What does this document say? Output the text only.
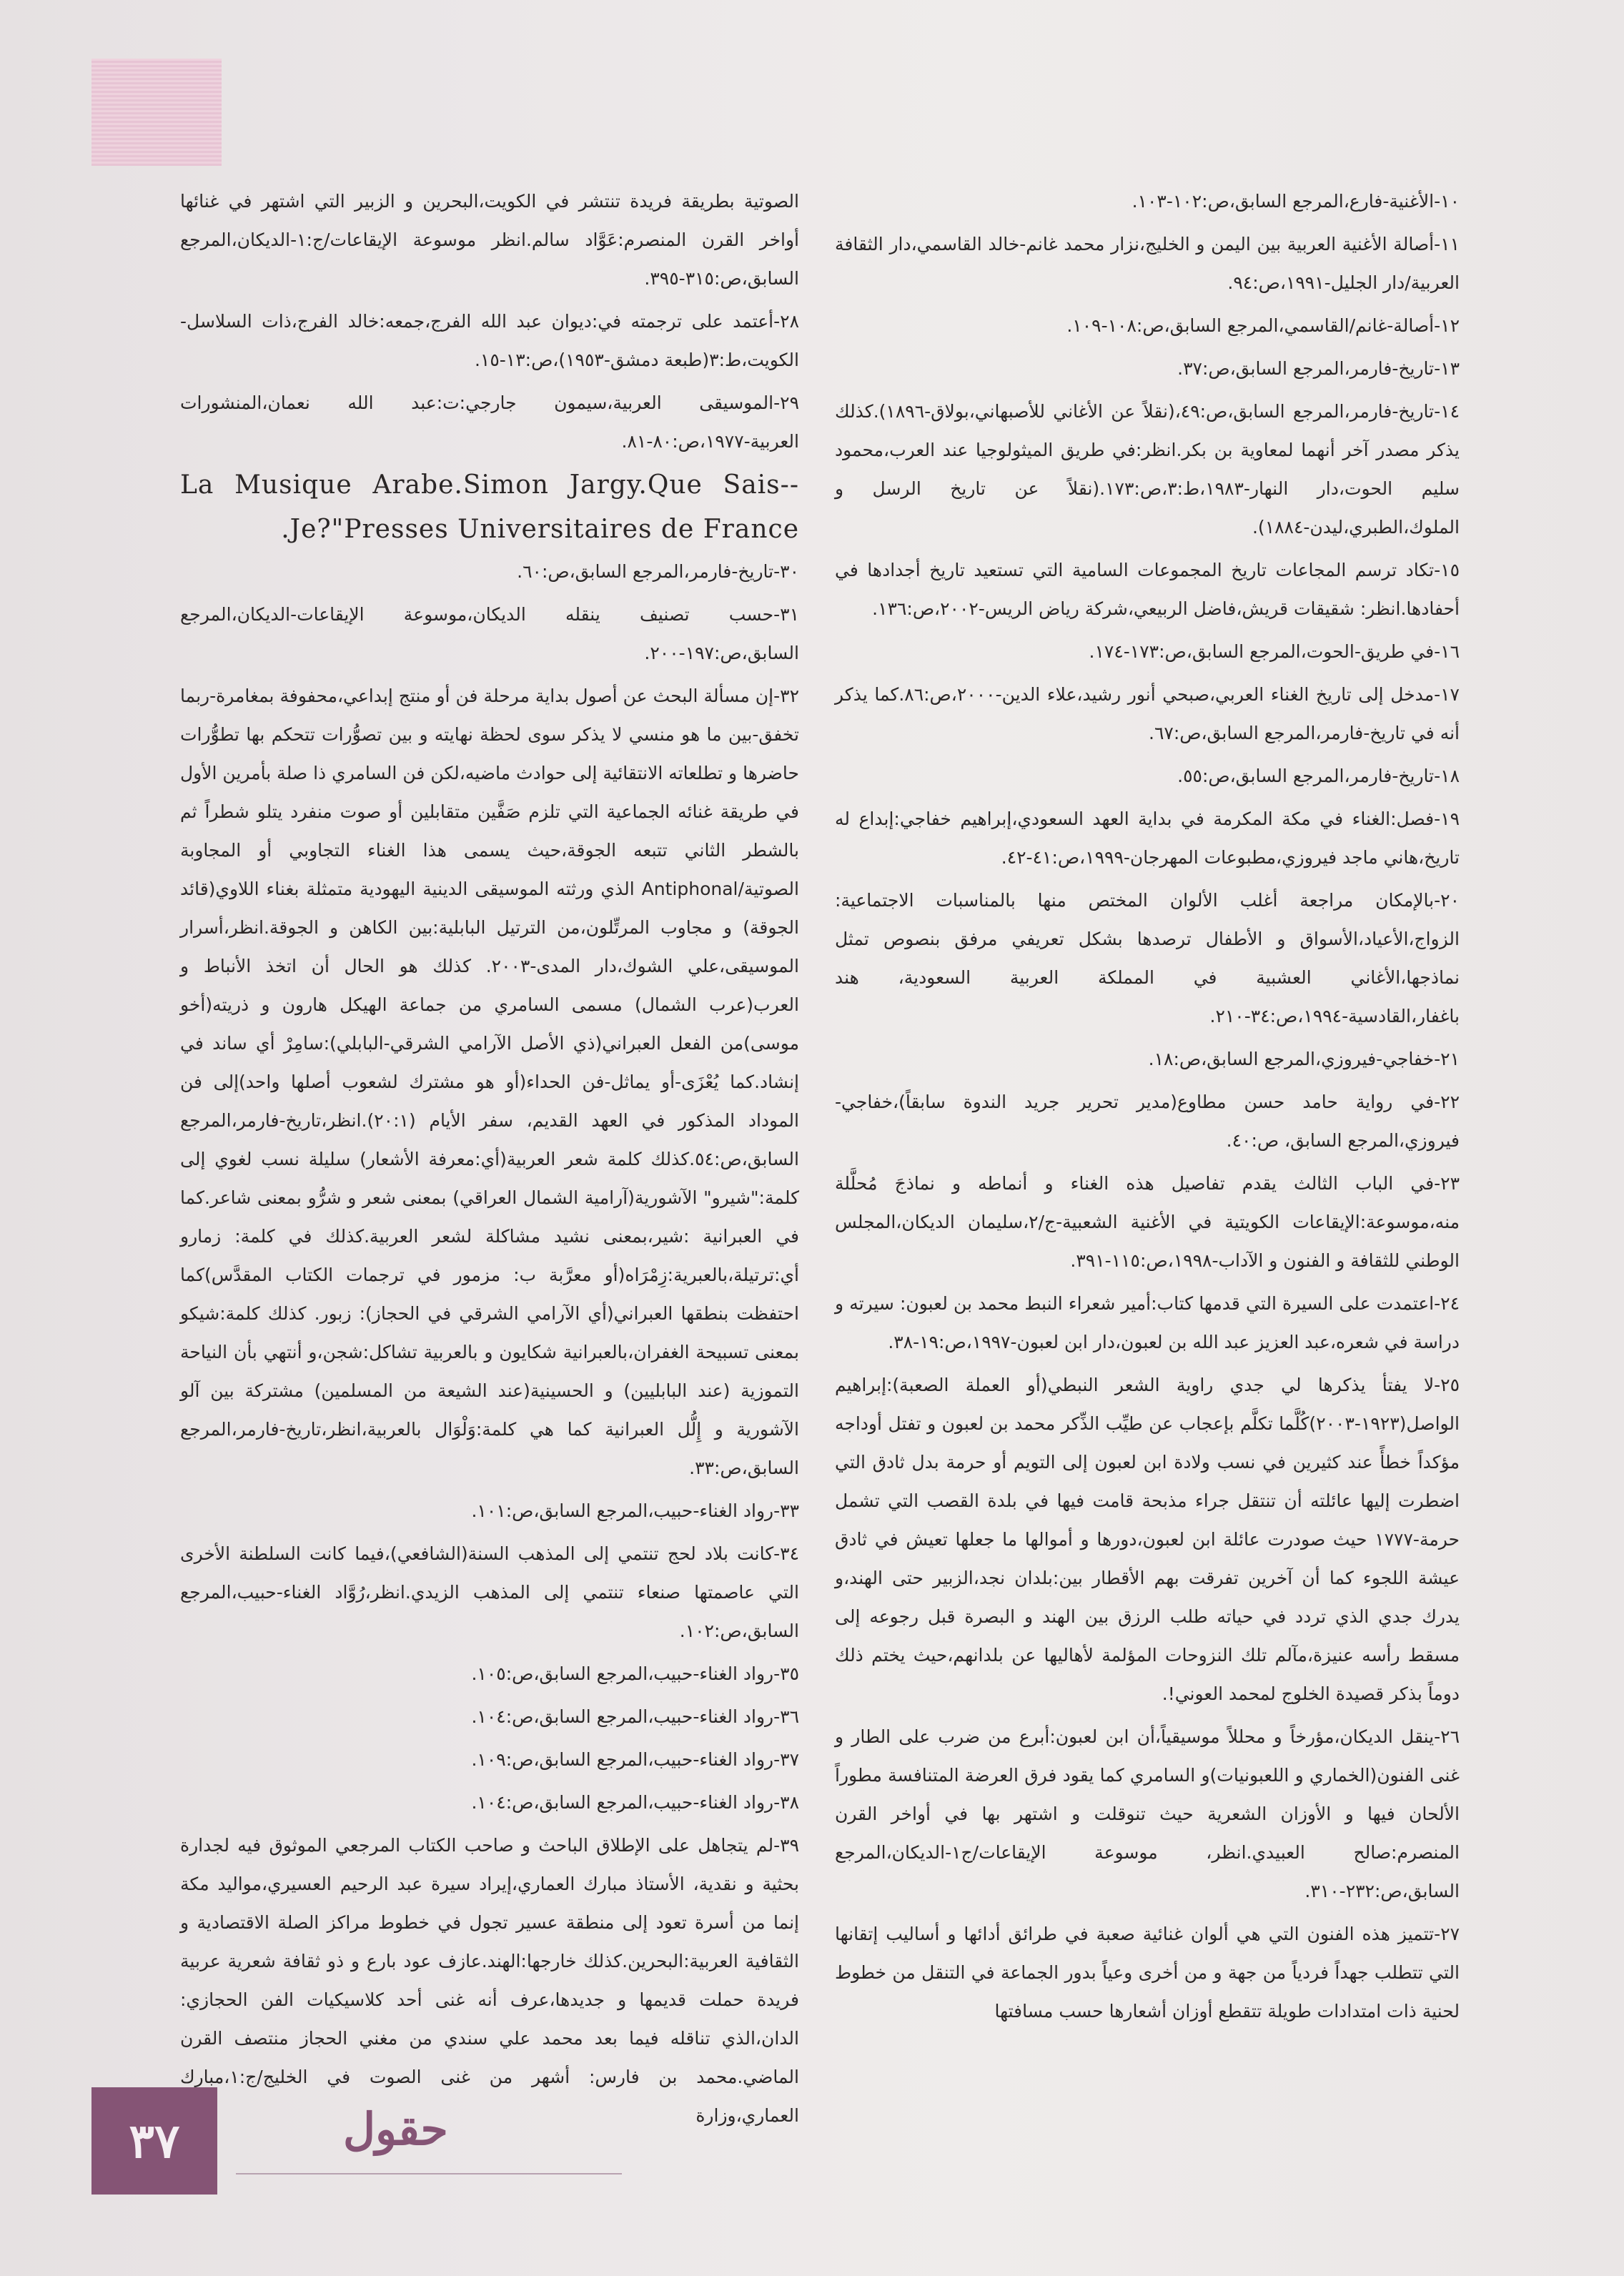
١٠-الأغنية-فارع،المرجع السابق،ص:١٠٢-١٠٣.

١١-أصالة الأغنية العربية بين اليمن و الخليج،نزار محمد غانم-خالد القاسمي،دار الثقافة العربية/دار الجليل-١٩٩١،ص:٩٤.

١٢-أصالة-غانم/القاسمي،المرجع السابق،ص:١٠٨-١٠٩.

١٣-تاريخ-فارمر،المرجع السابق،ص:٣٧.

١٤-تاريخ-فارمر،المرجع السابق،ص:٤٩،(نقلاً عن الأغاني للأصبهاني،بولاق-١٨٩٦).كذلك يذكر مصدر آخر أنهما لمعاوية بن بكر.انظر:في طريق الميثولوجيا عند العرب،محمود سليم الحوت،دار النهار-١٩٨٣،ط:٣،ص:١٧٣.(نقلاً عن تاريخ الرسل و الملوك،الطبري،ليدن-١٨٨٤).

١٥-تكاد ترسم المجاعات تاريخ المجموعات السامية التي تستعيد تاريخ أجدادها في أحفادها.انظر: شقيقات قريش،فاضل الربيعي،شركة رياض الريس-٢٠٠٢،ص:١٣٦.

١٦-في طريق-الحوت،المرجع السابق،ص:١٧٣-١٧٤.

١٧-مدخل إلى تاريخ الغناء العربي،صبحي أنور رشيد،علاء الدين-٢٠٠٠،ص:٨٦.كما يذكر أنه في تاريخ-فارمر،المرجع السابق،ص:٦٧.

١٨-تاريخ-فارمر،المرجع السابق،ص:٥٥.

١٩-فصل:الغناء في مكة المكرمة في بداية العهد السعودي،إبراهيم خفاجي:إبداع له تاريخ،هاني ماجد فيروزي،مطبوعات المهرجان-١٩٩٩،ص:٤١-٤٢.

٢٠-بالإمكان مراجعة أغلب الألوان المختص منها بالمناسبات الاجتماعية: الزواج،الأعياد،الأسواق و الأطفال ترصدها بشكل تعريفي مرفق بنصوص تمثل نماذجها،الأغاني العشبية في المملكة العربية السعودية، هند باغفار،القادسية-١٩٩٤،ص:٣٤-٢١٠.

٢١-خفاجي-فيروزي،المرجع السابق،ص:١٨.

٢٢-في رواية حامد حسن مطاوع(مدير تحرير جريد الندوة سابقاً)،خفاجي-فيروزي،المرجع السابق، ص:٤٠.

٢٣-في الباب الثالث يقدم تفاصيل هذه الغناء و أنماطه و نماذجَ مُحلَّلة منه،موسوعة:الإيقاعات الكويتية في الأغنية الشعبية-ج/٢،سليمان الديكان،المجلس الوطني للثقافة و الفنون و الآداب-١٩٩٨،ص:١١٥-٣٩١.

٢٤-اعتمدت على السيرة التي قدمها كتاب:أمير شعراء النبط محمد بن لعبون: سيرته و دراسة في شعره،عبد العزيز عبد الله بن لعبون،دار ابن لعبون-١٩٩٧،ص:١٩-٣٨.

٢٥-لا يفتأ يذكرها لي جدي راوية الشعر النبطي(أو العملة الصعبة):إبراهيم الواصل(١٩٢٣-٢٠٠٣)كُلَّما تكلَّم بإعجاب عن طيِّب الذِّكر محمد بن لعبون و تفتل أوداجه مؤكداً خطأً عند كثيرين في نسب ولادة ابن لعبون إلى التويم أو حرمة بدل ثادق التي اضطرت إليها عائلته أن تنتقل جراء مذبحة قامت فيها في بلدة القصب التي تشمل حرمة-١٧٧٧ حيث صودرت عائلة ابن لعبون،دورها و أموالها ما جعلها تعيش في ثادق عيشة اللجوء كما أن آخرين تفرقت بهم الأقطار بين:بلدان نجد،الزبير حتى الهند،و يدرك جدي الذي تردد في حياته طلب الرزق بين الهند و البصرة قبل رجوعه إلى مسقط رأسه عنيزة،مآلم تلك النزوحات المؤلمة لأهاليها عن بلدانهم،حيث يختم ذلك دوماً بذكر قصيدة الخلوج لمحمد العوني!.

٢٦-ينقل الديكان،مؤرخاً و محللاً موسيقياً،أن ابن لعبون:أبرع من ضرب على الطار و غنى الفنون(الخماري و اللعبونيات)و السامري كما يقود فرق العرضة المتنافسة مطوراً الألحان فيها و الأوزان الشعرية حيث تنوقلت و اشتهر بها في أواخر القرن المنصرم:صالح العبيدي.انظر، موسوعة الإيقاعات/ج١-الديكان،المرجع السابق،ص:٢٣٢-٣١٠.

٢٧-تتميز هذه الفنون التي هي ألوان غنائية صعبة في طرائق أدائها و أساليب إتقانها التي تتطلب جهداً فردياً من جهة و من أخرى وعياً بدور الجماعة في التنقل من خطوط لحنية ذات امتدادات طويلة تتقطع أوزان أشعارها حسب مسافتها

الصوتية بطريقة فريدة تنتشر في الكويت،البحرين و الزبير التي اشتهر في غنائها أواخر القرن المنصرم:عَوَّاد سالم.انظر موسوعة الإيقاعات/ج:١-الديكان،المرجع السابق،ص:٣١٥-٣٩٥.

٢٨-أعتمد على ترجمته في:ديوان عبد الله الفرج،جمعه:خالد الفرج،ذات السلاسل-الكويت،ط:٣(طبعة دمشق-١٩٥٣)،ص:١٣-١٥.

٢٩-الموسيقى العربية،سيمون جارجي:ت:عبد الله نعمان،المنشورات العربية-١٩٧٧،ص:٨٠-٨١.

La Musique Arabe.Simon Jargy.Que Sais--

.Je?"Presses Universitaires de France

٣٠-تاريخ-فارمر،المرجع السابق،ص:٦٠.

٣١-حسب تصنيف ينقله الديكان،موسوعة الإيقاعات-الديكان،المرجع السابق،ص:١٩٧-٢٠٠.

٣٢-إن مسألة البحث عن أصول بداية مرحلة فن أو منتج إبداعي،محفوفة بمغامرة-ربما تخفق-بين ما هو منسي لا يذكر سوى لحظة نهايته و بين تصوُّرات تتحكم بها تطوُّرات حاضرها و تطلعاته الانتقائية إلى حوادث ماضيه،لكن فن السامري ذا صلة بأمرين الأول في طريقة غنائه الجماعية التي تلزم صَفَّين متقابلين أو صوت منفرد يتلو شطراً ثم بالشطر الثاني تتبعه الجوقة،حيث يسمى هذا الغناء التجاوبي أو المجاوبة الصوتية/Antiphonal الذي ورثته الموسيقى الدينية اليهودية متمثلة بغناء اللاوي(قائد الجوقة) و مجاوب المرتِّلون،من الترتيل البابلية:بين الكاهن و الجوقة.انظر،أسرار الموسيقى،علي الشوك،دار المدى-٢٠٠٣. كذلك هو الحال أن اتخذ الأنباط و العرب(عرب الشمال) مسمى السامري من جماعة الهيكل هارون و ذريته(أخو موسى)من الفعل العبراني(ذي الأصل الآرامي الشرقي-البابلي):سامِرْ أي ساند في إنشاد.كما يُعْزَى-أو يماثل-فن الحداء(أو هو مشترك لشعوب أصلها واحد)إلى فن الموداد المذكور في العهد القديم، سفر الأيام (٢٠:١).انظر،تاريخ-فارمر،المرجع السابق،ص:٥٤.كذلك كلمة شعر العربية(أي:معرفة الأشعار) سليلة نسب لغوي إلى كلمة:"شيرو" الآشورية(آرامية الشمال العراقي) بمعنى شعر و شرُّو بمعنى شاعر.كما في العبرانية :شير،بمعنى نشيد مشاكلة لشعر العربية.كذلك في كلمة: زمارو أي:ترتيلة،بالعبرية:زِمْرَاه(أو معرَّبة ب: مزمور في ترجمات الكتاب المقدَّس)كما احتفظت بنطقها العبراني(أي الآرامي الشرقي في الحجاز): زبور. كذلك كلمة:شيكو بمعنى تسبيحة الغفران،بالعبرانية شكايون و بالعربية تشاكل:شجن،و أنتهي بأن النياحة التموزية (عند البابليين) و الحسينية(عند الشيعة من المسلمين) مشتركة بين آلو الآشورية و إِلُّل العبرانية كما هي كلمة:وَلْوَال بالعربية،انظر،تاريخ-فارمر،المرجع السابق،ص:٣٣.

٣٣-رواد الغناء-حبيب،المرجع السابق،ص:١٠١.

٣٤-كانت بلاد لحج تنتمي إلى المذهب السنة(الشافعي)،فيما كانت السلطنة الأخرى التي عاصمتها صنعاء تنتمي إلى المذهب الزيدي.انظر،رُوَّاد الغناء-حبيب،المرجع السابق،ص:١٠٢.

٣٥-رواد الغناء-حبيب،المرجع السابق،ص:١٠٥.

٣٦-رواد الغناء-حبيب،المرجع السابق،ص:١٠٤.

٣٧-رواد الغناء-حبيب،المرجع السابق،ص:١٠٩.

٣٨-رواد الغناء-حبيب،المرجع السابق،ص:١٠٤.

٣٩-لم يتجاهل على الإطلاق الباحث و صاحب الكتاب المرجعي الموثوق فيه لجدارة بحثية و نقدية، الأستاذ مبارك العماري،إيراد سيرة عبد الرحيم العسيري،مواليد مكة إنما من أسرة تعود إلى منطقة عسير تجول في خطوط مراكز الصلة الاقتصادية و الثقافية العربية:البحرين.كذلك خارجها:الهند.عازف عود بارع و ذو ثقافة شعرية عربية فريدة حملت قديمها و جديدها،عرف أنه غنى أحد كلاسيكيات الفن الحجازي: الدان،الذي تناقله فيما بعد محمد علي سندي من مغني الحجاز منتصف القرن الماضي.محمد بن فارس: أشهر من غنى الصوت في الخليج/ج:١،مبارك العماري،وزارة

٣٧	حقول
